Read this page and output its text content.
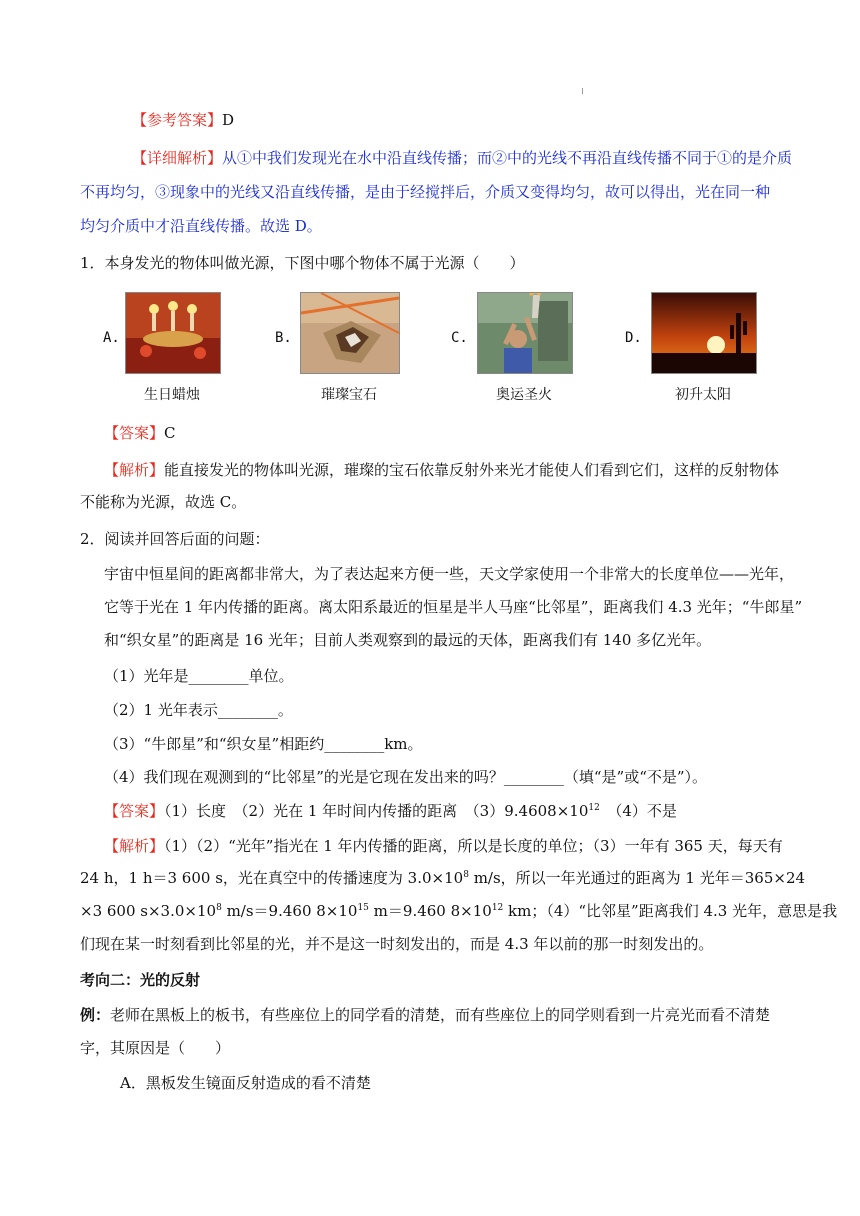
【参考答案】D
【详细解析】从①中我们发现光在水中沿直线传播；而②中的光线不再沿直线传播不同于①的是介质
不再均匀，③现象中的光线又沿直线传播，是由于经搅拌后，介质又变得均匀，故可以得出，光在同一种
均匀介质中才沿直线传播。故选 D。
1．本身发光的物体叫做光源，下图中哪个物体不属于光源（　　）
A.
生日蜡烛
B.
璀璨宝石
C.
奥运圣火
D.
初升太阳
【答案】C
【解析】能直接发光的物体叫光源，璀璨的宝石依靠反射外来光才能使人们看到它们，这样的反射物体
不能称为光源，故选 C。
2．阅读并回答后面的问题：
宇宙中恒星间的距离都非常大，为了表达起来方便一些，天文学家使用一个非常大的长度单位——光年，
它等于光在 1 年内传播的距离。离太阳系最近的恒星是半人马座“比邻星”，距离我们 4.3 光年；“牛郎星”
和“织女星”的距离是 16 光年；目前人类观察到的最远的天体，距离我们有 140 多亿光年。
（1）光年是________单位。
（2）1 光年表示________。
（3）“牛郎星”和“织女星”相距约________km。
（4）我们现在观测到的“比邻星”的光是它现在发出来的吗？________（填“是”或“不是”）。
【答案】（1）长度　（2）光在 1 年时间内传播的距离　$(3)9.4608\times 10^{12}$　（4）不是
【解析】（1）（2）“光年”指光在 1 年内传播的距离，所以是长度的单位；（3）一年有 365 天，每天有
24 h，1 h＝3 600 s，光在真空中的传播速度为 $3.0\times 10^8$ m/s，所以一年光通过的距离为 1 光年＝365×24
×3 600 $s\times 3.0\times 10^8$ m/s＝9.460 $8\times 10^{15}$ m＝9.460 $8\times 10^{12}$ km；（4）“比邻星”距离我们 4.3 光年，意思是我
们现在某一时刻看到比邻星的光，并不是这一时刻发出的，而是 4.3 年以前的那一时刻发出的。
考向二：光的反射
例：老师在黑板上的板书，有些座位上的同学看的清楚，而有些座位上的同学则看到一片亮光而看不清楚
字，其原因是（　　）
A．黑板发生镜面反射造成的看不清楚
